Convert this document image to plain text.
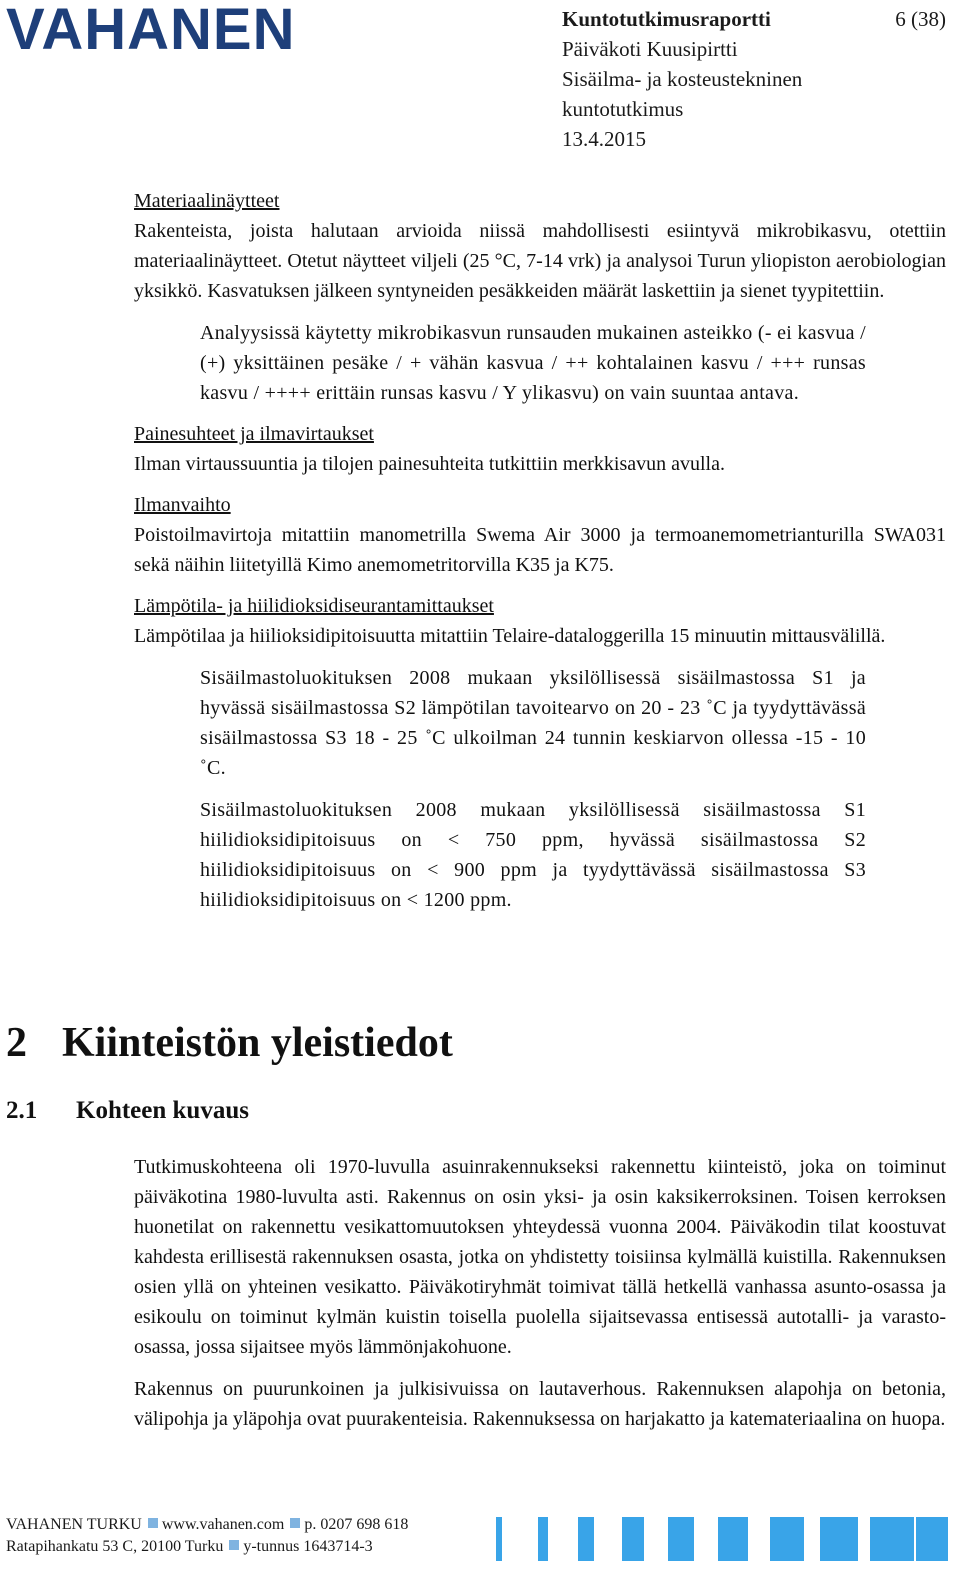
VAHANEN	Kuntotutkimusraportti	6 (38)
Päiväkoti Kuusipirtti
Sisäilma- ja kosteustekninen
kuntotutkimus
13.4.2015
Materiaalinäytteet

Rakenteista, joista halutaan arvioida niissä mahdollisesti esiintyvä mikrobikasvu, otettiin materiaalinäytteet. Otetut näytteet viljeli (25 °C, 7-14 vrk) ja analysoi Turun yliopiston aerobiologian yksikkö. Kasvatuksen jälkeen syntyneiden pesäkkeiden määrät laskettiin ja sienet tyypitettiin.

Analyysissä käytetty mikrobikasvun runsauden mukainen asteikko (- ei kasvua / (+) yksittäinen pesäke / + vähän kasvua / ++ kohtalainen kasvu / +++ runsas kasvu / ++++ erittäin runsas kasvu / Y ylikasvu) on vain suuntaa antava.
Painesuhteet ja ilmavirtaukset

Ilman virtaussuuntia ja tilojen painesuhteita tutkittiin merkkisavun avulla.

Ilmanvaihto

Poistoilmavirtoja mitattiin manometrilla Swema Air 3000 ja termoanemometrianturilla SWA031 sekä näihin liitetyillä Kimo anemometritorvilla K35 ja K75.

Lämpötila- ja hiilidioksidiseurantamittaukset

Lämpötilaa ja hiilioksidipitoisuutta mitattiin Telaire-dataloggerilla 15 minuutin mittausvälillä.

Sisäilmastoluokituksen 2008 mukaan yksilöllisessä sisäilmastossa S1 ja hyvässä sisäilmastossa S2 lämpötilan tavoitearvo on 20 - 23 ˚C ja tyydyttävässä sisäilmastossa S3 18 - 25 ˚C ulkoilman 24 tunnin keskiarvon ollessa -15 - 10 ˚C.
Sisäilmastoluokituksen 2008 mukaan yksilöllisessä sisäilmastossa S1 hiilidioksidipitoisuus on < 750 ppm, hyvässä sisäilmastossa S2 hiilidioksidipitoisuus on < 900 ppm ja tyydyttävässä sisäilmastossa S3 hiilidioksidipitoisuus on < 1200 ppm.
2 Kiinteistön yleistiedot
2.1 Kohteen kuvaus

Tutkimuskohteena oli 1970-luvulla asuinrakennukseksi rakennettu kiinteistö, joka on toiminut päiväkotina 1980-luvulta asti. Rakennus on osin yksi- ja osin kaksikerroksinen. Toisen kerroksen huonetilat on rakennettu vesikattomuutoksen yhteydessä vuonna 2004. Päiväkodin tilat koostuvat kahdesta erillisestä rakennuksen osasta, jotka on yhdistetty toisiinsa kylmällä kuistilla. Rakennuksen osien yllä on yhteinen vesikatto. Päiväkotiryhmät toimivat tällä hetkellä vanhassa asunto-osassa ja esikoulu on toiminut kylmän kuistin toisella puolella sijaitsevassa entisessä autotalli- ja varasto-osassa, jossa sijaitsee myös lämmönjakohuone.

Rakennus on puurunkoinen ja julkisivuissa on lautaverhous. Rakennuksen alapohja on betonia, välipohja ja yläpohja ovat puurakenteisia. Rakennuksessa on harjakatto ja katemateriaalina on huopa.

VAHANEN TURKU www.vahanen.com p. 0207 698 618
Ratapihankatu 53 C, 20100 Turku y-tunnus 1643714-3
